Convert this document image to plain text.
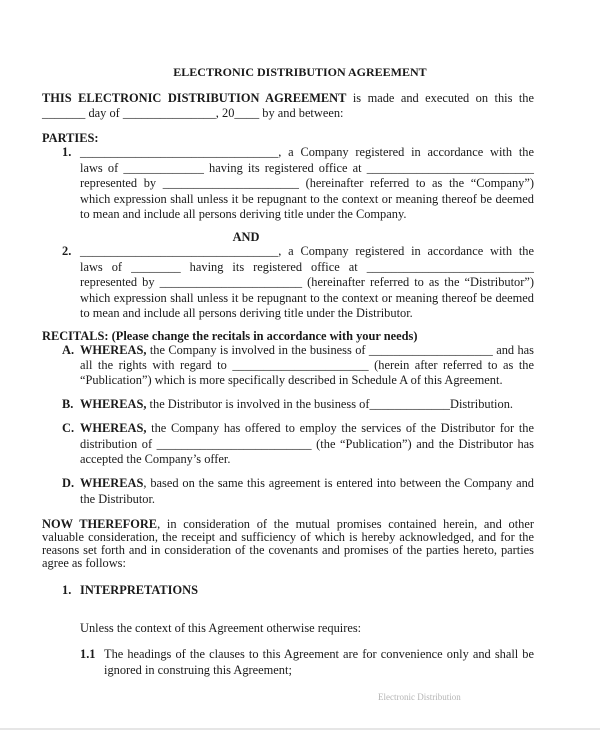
ELECTRONIC DISTRIBUTION AGREEMENT
THIS ELECTRONIC DISTRIBUTION AGREEMENT is made and executed on this the
_______ day of _______________, 20____ by and between:
PARTIES:
1. ________________________________, a Company registered in accordance with the
laws of _____________ having its registered office at ___________________________
represented by ______________________ (hereinafter referred to as the “Company”)
which expression shall unless it be repugnant to the context or meaning thereof be deemed
to mean and include all persons deriving title under the Company.
AND
2. ________________________________, a Company registered in accordance with the
laws of ________ having its registered office at ___________________________
represented by _______________________ (hereinafter referred to as the “Distributor”)
which expression shall unless it be repugnant to the context or meaning thereof be deemed
to mean and include all persons deriving title under the Distributor.
RECITALS: (Please change the recitals in accordance with your needs)
A. WHEREAS, the Company is involved in the business of ____________________ and has
all the rights with regard to ______________________ (herein after referred to as the
“Publication”) which is more specifically described in Schedule A of this Agreement.
B. WHEREAS, the Distributor is involved in the business of_____________Distribution.
C. WHEREAS, the Company has offered to employ the services of the Distributor for the
distribution of _________________________ (the “Publication”) and the Distributor has
accepted the Company’s offer.
D. WHEREAS, based on the same this agreement is entered into between the Company and
the Distributor.
NOW THEREFORE, in consideration of the mutual promises contained herein, and other
valuable consideration, the receipt and sufficiency of which is hereby acknowledged, and for the
reasons set forth and in consideration of the covenants and promises of the parties hereto, parties
agree as follows:
1. INTERPRETATIONS
Unless the context of this Agreement otherwise requires:
1.1 The headings of the clauses to this Agreement are for convenience only and shall be
ignored in construing this Agreement;
Electronic Distribution
